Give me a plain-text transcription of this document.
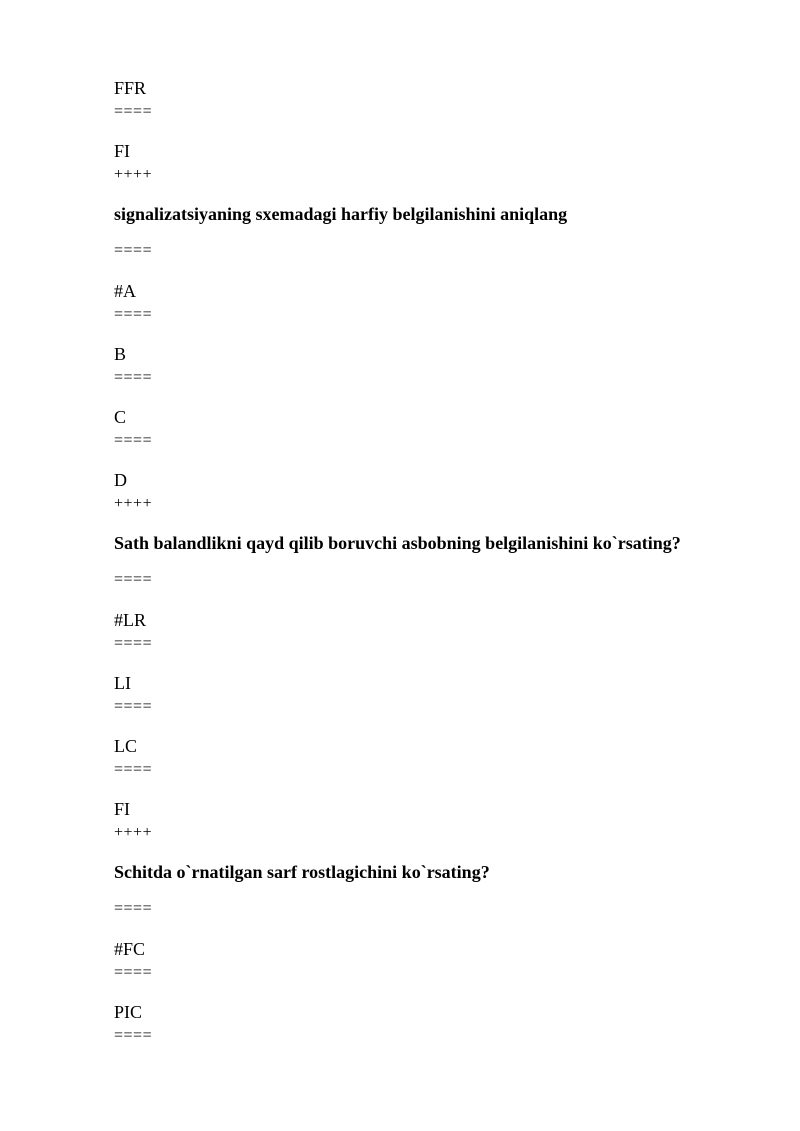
FFR

====

FI

++++

signalizatsiyaning sxemadagi harfiy belgilanishini aniqlang

====

#A

====

B

====

C

====

D

++++

Sath balandlikni qayd qilib boruvchi asbobning belgilanishini ko`rsating?

====

#LR

====

LI

====

LC

====

FI

++++

Schitda o`rnatilgan sarf rostlagichini ko`rsating?

====

#FC

====

PIC

====
